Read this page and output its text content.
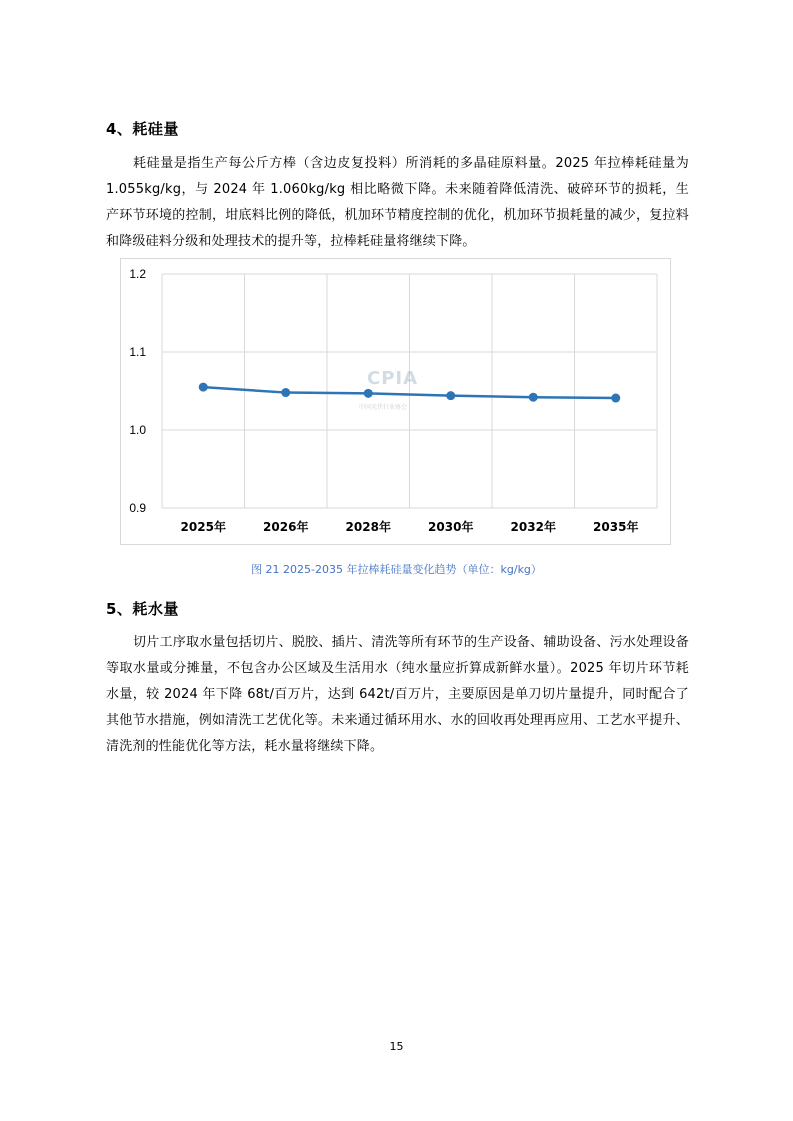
4、耗硅量

耗硅量是指生产每公斤方棒（含边皮复投料）所消耗的多晶硅原料量。2025 年拉棒耗硅量为 1.055kg/kg，与 2024 年 1.060kg/kg 相比略微下降。未来随着降低清洗、破碎环节的损耗，生产环节环境的控制，坩底料比例的降低，机加环节精度控制的优化，机加环节损耗量的减少，复拉料和降级硅料分级和处理技术的提升等，拉棒耗硅量将继续下降。

0.9
1.0
1.1
1.2
2025年	2026年	2028年	2030年	2032年	2035年
CPIA
中国光伏行业协会

图 21 2025-2035 年拉棒耗硅量变化趋势（单位：kg/kg）

5、耗水量

切片工序取水量包括切片、脱胶、插片、清洗等所有环节的生产设备、辅助设备、污水处理设备等取水量或分摊量，不包含办公区域及生活用水（纯水量应折算成新鲜水量）。2025 年切片环节耗水量，较 2024 年下降 68t/百万片，达到 642t/百万片，主要原因是单刀切片量提升，同时配合了其他节水措施，例如清洗工艺优化等。未来通过循环用水、水的回收再处理再应用、工艺水平提升、清洗剂的性能优化等方法，耗水量将继续下降。

15
